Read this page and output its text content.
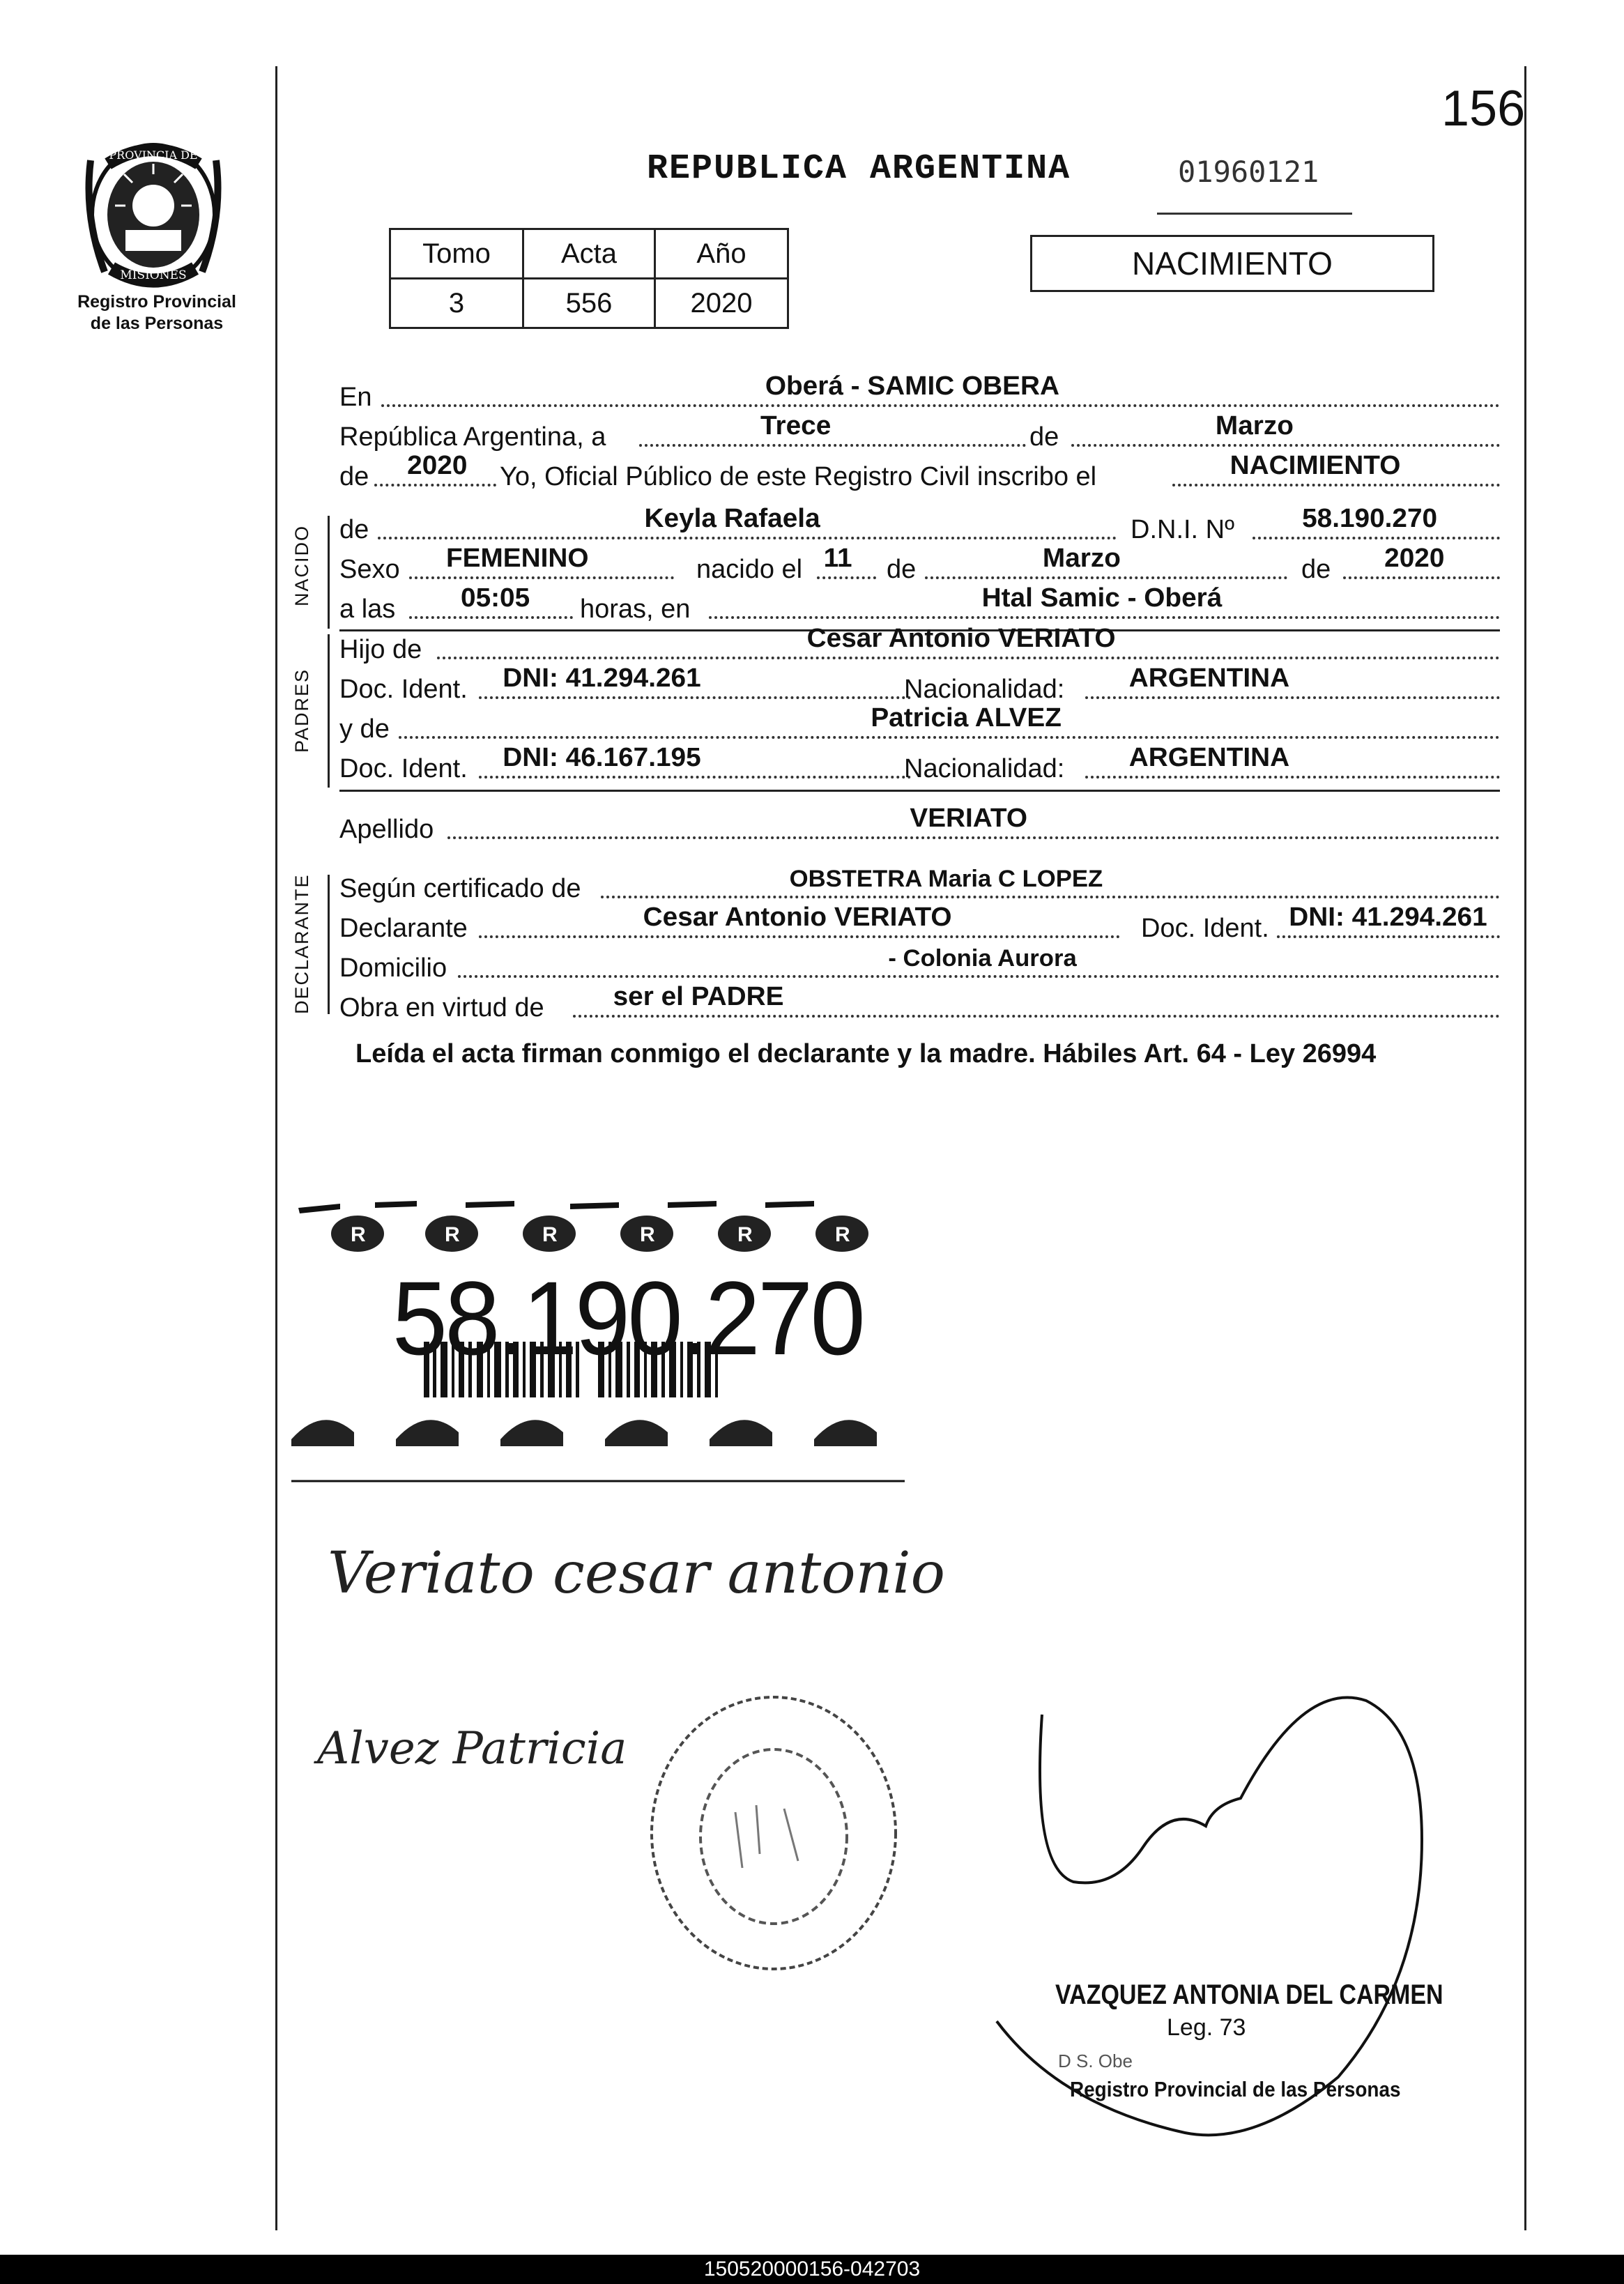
156
PROVINCIA DE
MISIONES
Registro Provincial
de las Personas
REPUBLICA ARGENTINA	01960121
Tomo	Acta	Año
3	556	2020
NACIMIENTO
En	Oberá - SAMIC OBERA
República Argentina, a	Trece	de	Marzo
de 2020 Yo, Oficial Público de este Registro Civil inscribo el	NACIMIENTO
NACIDO de	Keyla Rafaela	D.N.I. Nº	58.190.270
Sexo FEMENINO	nacido el 11 de	Marzo	de 2020
a las 05:05 horas, en	Htal Samic - Oberá
PADRES
Hijo de	Cesar Antonio VERIATO
Doc. Ident. DNI: 41.294.261	Nacionalidad: ARGENTINA
y de	Patricia ALVEZ
Doc. Ident. DNI: 46.167.195	Nacionalidad: ARGENTINA
Apellido	VERIATO
DECLARANTE Según certificado de	OBSTETRA Maria C LOPEZ
Declarante	Cesar Antonio VERIATO	Doc. Ident. DNI: 41.294.261
Domicilio	- Colonia Aurora
Obra en virtud de	ser el PADRE
Leída el acta firman conmigo el declarante y la madre. Hábiles Art. 64 - Ley 26994
R	R	R	R	R	R
58.190.270
Veriato cesar antonio
Alvez Patricia
VAZQUEZ ANTONIA DEL CARMEN
Leg. 73
D S. Obe
Registro Provincial de las Personas
150520000156-042703
